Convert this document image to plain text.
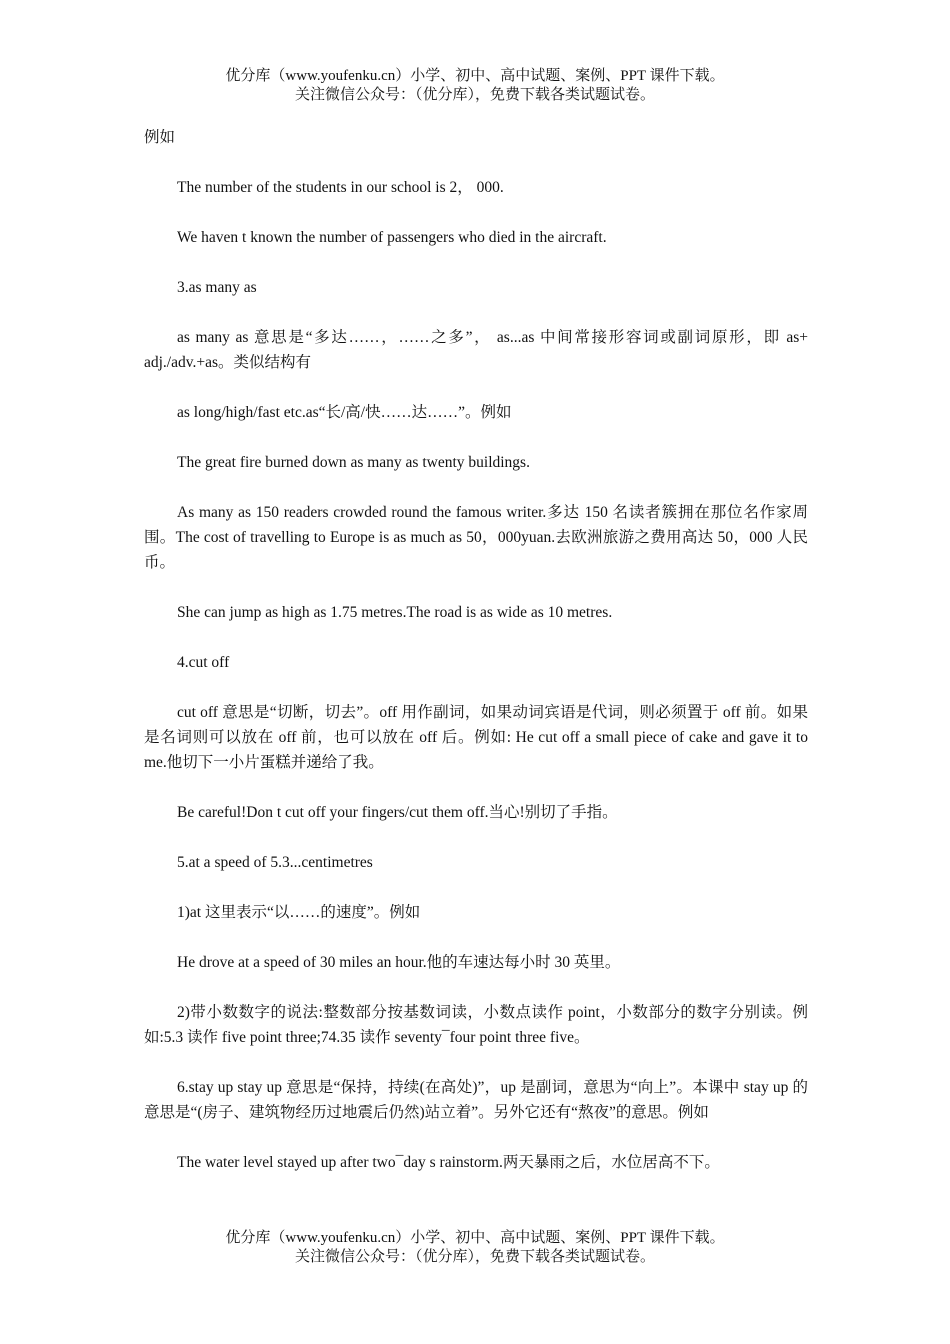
优分库（www.youfenku.cn）小学、初中、高中试题、案例、PPT 课件下载。
关注微信公众号：（优分库），免费下载各类试题试卷。

例如

The number of the students in our school is 2， 000.

We haven t known the number of passengers who died in the aircraft.

3.as many as

as many as 意思是“多达……，……之多”， as...as 中间常接形容词或副词原形，即 as+ adj./adv.+as。类似结构有

as long/high/fast etc.as“长/高/快……达……”。例如

The great fire burned down as many as twenty buildings.

As many as 150 readers crowded round the famous writer.多达 150 名读者簇拥在那位名作家周围。The cost of travelling to Europe is as much as 50，000yuan.去欧洲旅游之费用高达 50，000 人民币。

She can jump as high as 1.75 metres.The road is as wide as 10 metres.

4.cut off

cut off 意思是“切断，切去”。off 用作副词，如果动词宾语是代词，则必须置于 off 前。如果是名词则可以放在 off 前，也可以放在 off 后。例如: He cut off a small piece of cake and gave it to me.他切下一小片蛋糕并递给了我。

Be careful!Don t cut off your fingers/cut them off.当心!别切了手指。

5.at a speed of 5.3...centimetres

1)at 这里表示“以……的速度”。例如

He drove at a speed of 30 miles an hour.他的车速达每小时 30 英里。

2)带小数数字的说法:整数部分按基数词读，小数点读作 point，小数部分的数字分别读。例如:5.3 读作 five point three;74.35 读作 seventy¯four point three five。

6.stay up stay up 意思是“保持，持续(在高处)”，up 是副词，意思为“向上”。本课中 stay up 的意思是“(房子、建筑物经历过地震后仍然)站立着”。另外它还有“熬夜”的意思。例如

The water level stayed up after two¯day s rainstorm.两天暴雨之后，水位居高不下。

优分库（www.youfenku.cn）小学、初中、高中试题、案例、PPT 课件下载。
关注微信公众号：（优分库），免费下载各类试题试卷。
